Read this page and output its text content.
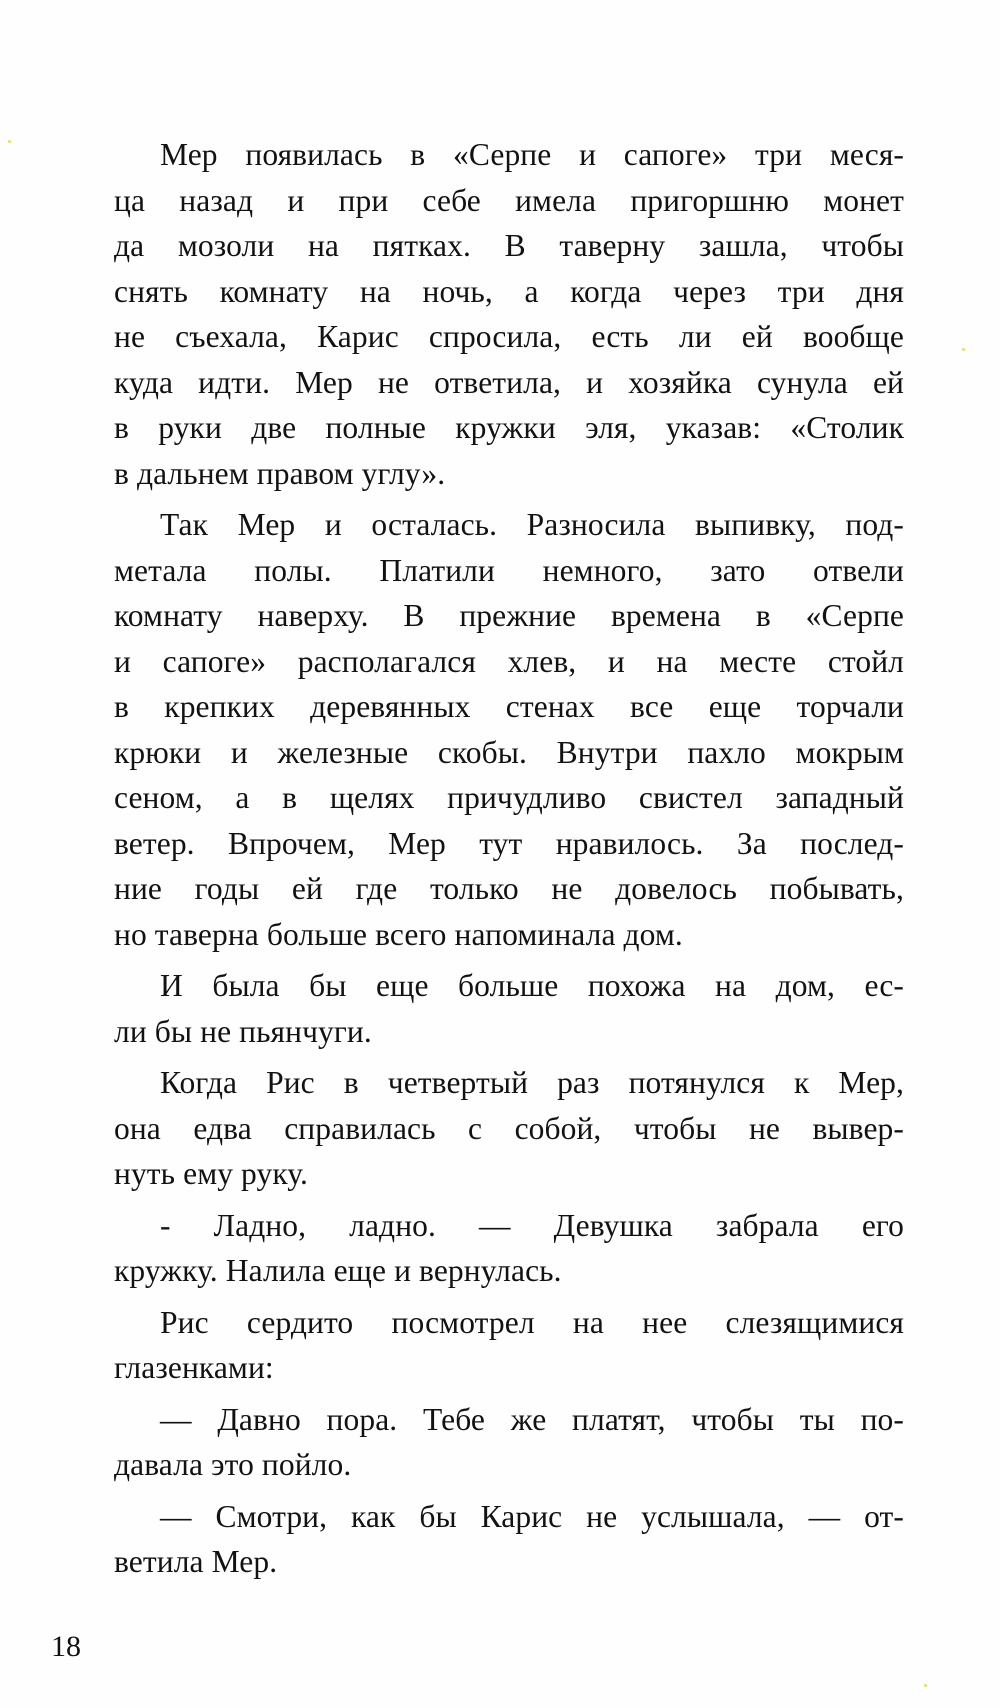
Мер появилась в «Серпе и сапоге» три меся-
ца назад и при себе имела пригоршню монет
да мозоли на пятках. В таверну зашла, чтобы
снять комнату на ночь, а когда через три дня
не съехала, Карис спросила, есть ли ей вообще
куда идти. Мер не ответила, и хозяйка сунула ей
в руки две полные кружки эля, указав: «Столик
в дальнем правом углу».
Так Мер и осталась. Разносила выпивку, под-
метала полы. Платили немного, зато отвели
комнату наверху. В прежние времена в «Серпе
и сапоге» располагался хлев, и на месте стойл
в крепких деревянных стенах все еще торчали
крюки и железные скобы. Внутри пахло мокрым
сеном, а в щелях причудливо свистел западный
ветер. Впрочем, Мер тут нравилось. За послед-
ние годы ей где только не довелось побывать,
но таверна больше всего напоминала дом.
И была бы еще больше похожа на дом, ес-
ли бы не пьянчуги.
Когда Рис в четвертый раз потянулся к Мер,
она едва справилась с собой, чтобы не вывер-
нуть ему руку.
- Ладно, ладно. — Девушка забрала его
кружку. Налила еще и вернулась.
Рис сердито посмотрел на нее слезящимися
глазенками:
— Давно пора. Тебе же платят, чтобы ты по-
давала это пойло.
— Смотри, как бы Карис не услышала, — от-
ветила Мер.
18
